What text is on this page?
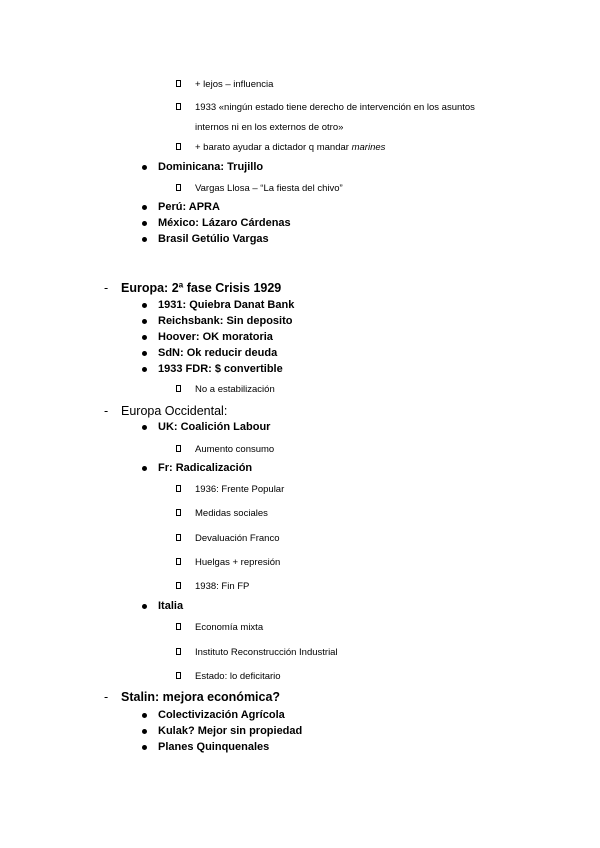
+ lejos – influencia
1933 «ningún estado tiene derecho de intervención en los asuntos
internos ni en los externos de otro»
+ barato ayudar a dictador q mandar marines
Dominicana: Trujillo
Vargas Llosa – “La fiesta del chivo”
Perú: APRA
México: Lázaro Cárdenas
Brasil Getúlio Vargas
- Europa: 2ª fase Crisis 1929
1931: Quiebra Danat Bank
Reichsbank: Sin deposito
Hoover: OK moratoria
SdN: Ok reducir deuda
1933 FDR: $ convertible
No a estabilización
- Europa Occidental:
UK: Coalición Labour
Aumento consumo
Fr: Radicalización
1936: Frente Popular
Medidas sociales
Devaluación Franco
Huelgas + represión
1938: Fin FP
Italia
Economía mixta
Instituto Reconstrucción Industrial
Estado: lo deficitario
- Stalin: mejora económica?
Colectivización Agrícola
Kulak? Mejor sin propiedad
Planes Quinquenales
